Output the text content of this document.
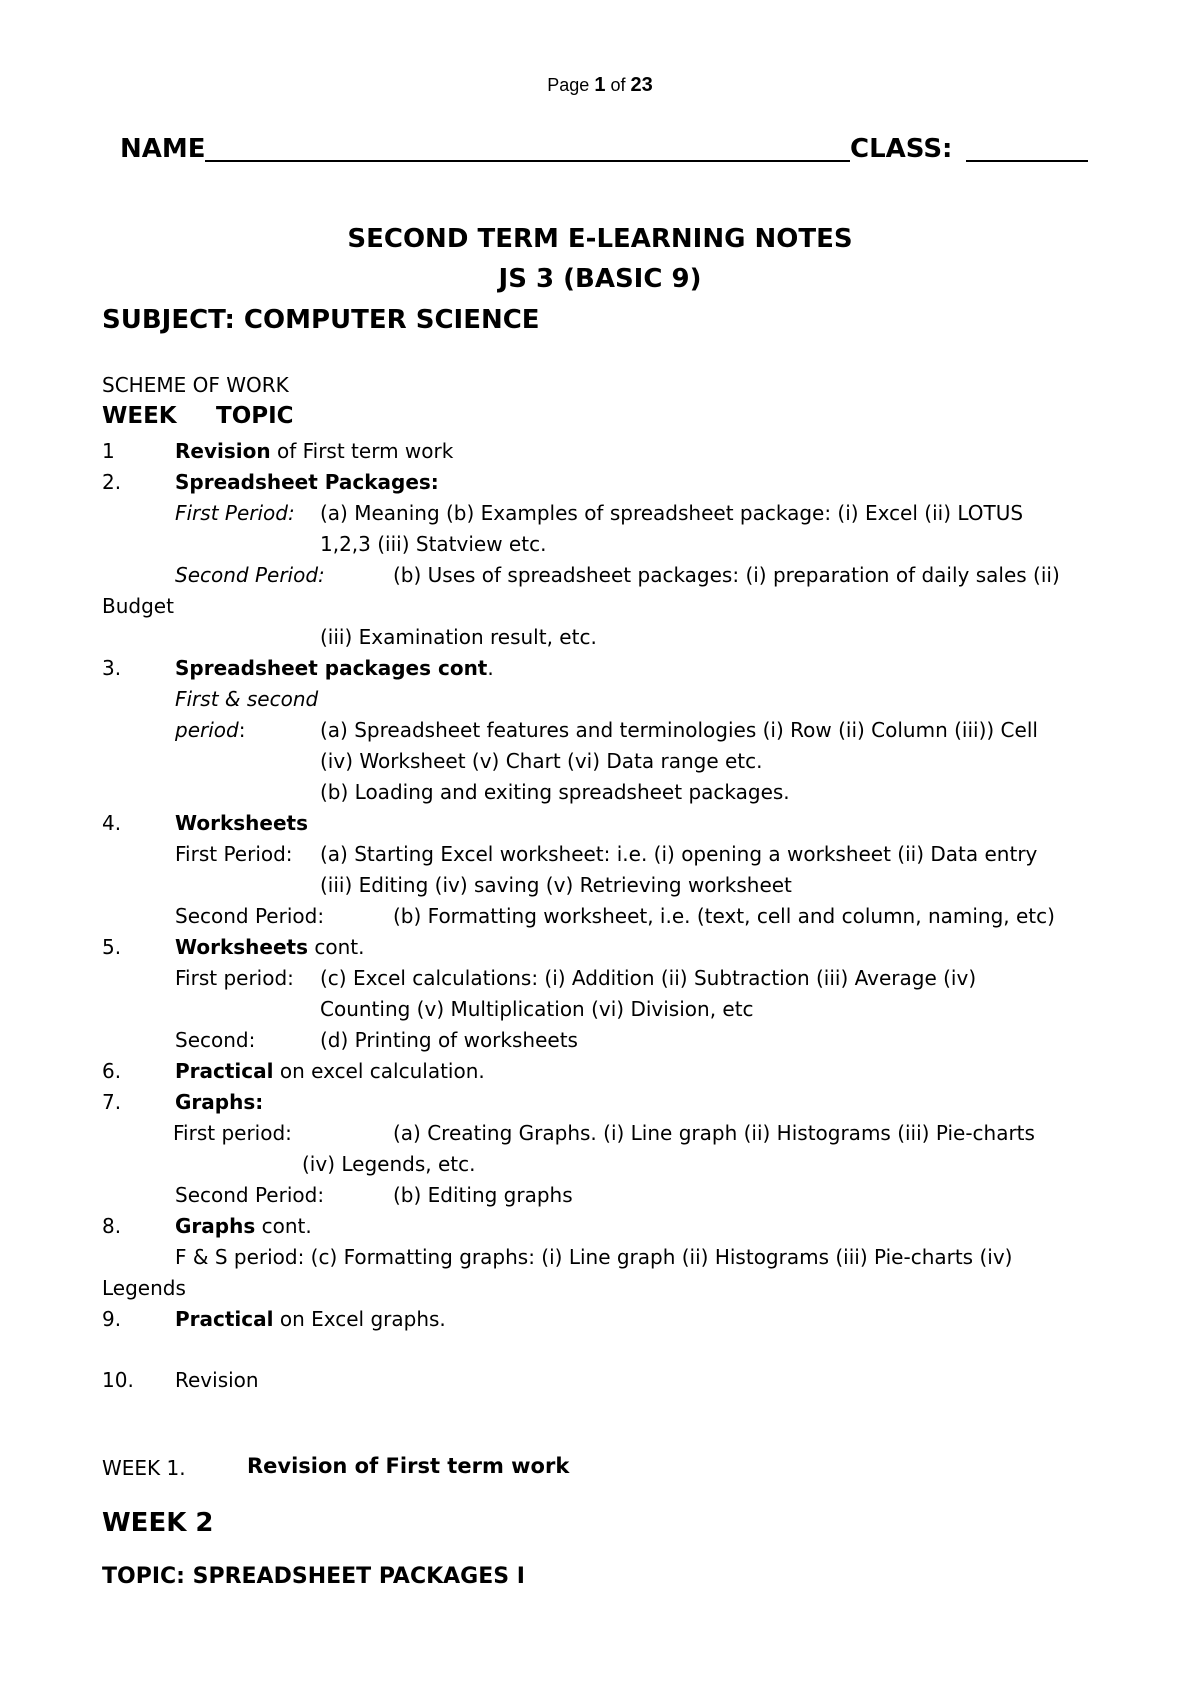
Page 1 of 23
NAME	CLASS:
SECOND TERM E-LEARNING NOTES
JS 3 (BASIC 9)
SUBJECT: COMPUTER SCIENCE
SCHEME OF WORK
WEEK TOPIC
1	Revision of First term work
2.	Spreadsheet Packages:
First Period: (a) Meaning (b) Examples of spreadsheet package: (i) Excel (ii) LOTUS
1,2,3 (iii) Statview etc.
Second Period:	(b) Uses of spreadsheet packages: (i) preparation of daily sales (ii)
Budget
(iii) Examination result, etc.
3.	Spreadsheet packages cont.
First & second
period:	(a) Spreadsheet features and terminologies (i) Row (ii) Column (iii)) Cell
(iv) Worksheet (v) Chart (vi) Data range etc.
(b) Loading and exiting spreadsheet packages.
4.	Worksheets
First Period: (a) Starting Excel worksheet: i.e. (i) opening a worksheet (ii) Data entry
(iii) Editing (iv) saving (v) Retrieving worksheet
Second Period:	(b) Formatting worksheet, i.e. (text, cell and column, naming, etc)
5.	Worksheets cont.
First period: (c) Excel calculations: (i) Addition (ii) Subtraction (iii) Average (iv)
Counting (v) Multiplication (vi) Division, etc
Second:	(d) Printing of worksheets
6.	Practical on excel calculation.
7.	Graphs:
First period:	(a) Creating Graphs. (i) Line graph (ii) Histograms (iii) Pie-charts
(iv) Legends, etc.
Second Period:	(b) Editing graphs
8.	Graphs cont.
F & S period: (c) Formatting graphs: (i) Line graph (ii) Histograms (iii) Pie-charts (iv)
Legends
9.	Practical on Excel graphs.
10. Revision
WEEK 1.	Revision of First term work
WEEK 2
TOPIC: SPREADSHEET PACKAGES I
